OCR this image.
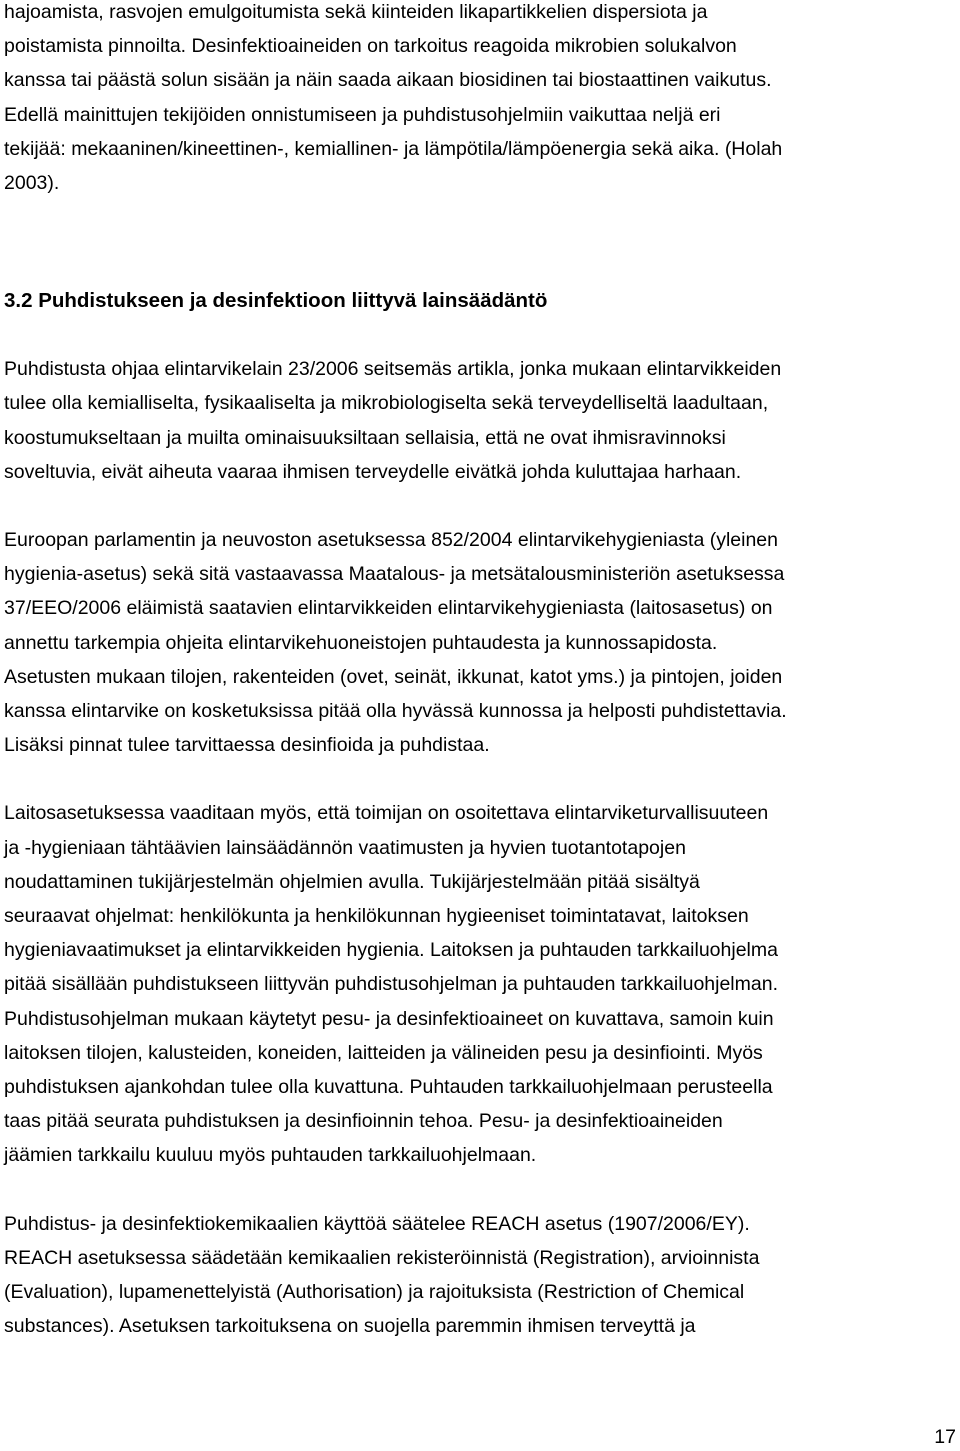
hajoamista, rasvojen emulgoitumista sekä kiinteiden likapartikkelien dispersiota ja

poistamista pinnoilta. Desinfektioaineiden on tarkoitus reagoida mikrobien solukalvon

kanssa tai päästä solun sisään ja näin saada aikaan biosidinen tai biostaattinen vaikutus.

Edellä mainittujen tekijöiden onnistumiseen ja puhdistusohjelmiin vaikuttaa neljä eri

tekijää: mekaaninen/kineettinen-, kemiallinen- ja lämpötila/lämpöenergia sekä aika. (Holah

2003).

3.2 Puhdistukseen ja desinfektioon liittyvä lainsäädäntö

Puhdistusta ohjaa elintarvikelain 23/2006 seitsemäs artikla, jonka mukaan elintarvikkeiden

tulee olla kemialliselta, fysikaaliselta ja mikrobiologiselta sekä terveydelliseltä laadultaan,

koostumukseltaan ja muilta ominaisuuksiltaan sellaisia, että ne ovat ihmisravinnoksi

soveltuvia, eivät aiheuta vaaraa ihmisen terveydelle eivätkä johda kuluttajaa harhaan.

Euroopan parlamentin ja neuvoston asetuksessa 852/2004 elintarvikehygieniasta (yleinen

hygienia-asetus) sekä sitä vastaavassa Maatalous- ja metsätalousministeriön asetuksessa

37/EEO/2006 eläimistä saatavien elintarvikkeiden elintarvikehygieniasta (laitosasetus) on

annettu tarkempia ohjeita elintarvikehuoneistojen puhtaudesta ja kunnossapidosta.

Asetusten mukaan tilojen, rakenteiden (ovet, seinät, ikkunat, katot yms.) ja pintojen, joiden

kanssa elintarvike on kosketuksissa pitää olla hyvässä kunnossa ja helposti puhdistettavia.

Lisäksi pinnat tulee tarvittaessa desinfioida ja puhdistaa.

Laitosasetuksessa vaaditaan myös, että toimijan on osoitettava elintarviketurvallisuuteen

ja -hygieniaan tähtäävien lainsäädännön vaatimusten ja hyvien tuotantotapojen

noudattaminen tukijärjestelmän ohjelmien avulla. Tukijärjestelmään pitää sisältyä

seuraavat ohjelmat: henkilökunta ja henkilökunnan hygieeniset toimintatavat, laitoksen

hygieniavaatimukset ja elintarvikkeiden hygienia. Laitoksen ja puhtauden tarkkailuohjelma

pitää sisällään puhdistukseen liittyvän puhdistusohjelman ja puhtauden tarkkailuohjelman.

Puhdistusohjelman mukaan käytetyt pesu- ja desinfektioaineet on kuvattava, samoin kuin

laitoksen tilojen, kalusteiden, koneiden, laitteiden ja välineiden pesu ja desinfiointi. Myös

puhdistuksen ajankohdan tulee olla kuvattuna. Puhtauden tarkkailuohjelmaan perusteella

taas pitää seurata puhdistuksen ja desinfioinnin tehoa. Pesu- ja desinfektioaineiden

jäämien tarkkailu kuuluu myös puhtauden tarkkailuohjelmaan.

Puhdistus- ja desinfektiokemikaalien käyttöä säätelee REACH asetus (1907/2006/EY).

REACH asetuksessa säädetään kemikaalien rekisteröinnistä (Registration), arvioinnista

(Evaluation), lupamenettelyistä (Authorisation) ja rajoituksista (Restriction of Chemical

substances). Asetuksen tarkoituksena on suojella paremmin ihmisen terveyttä ja

17
